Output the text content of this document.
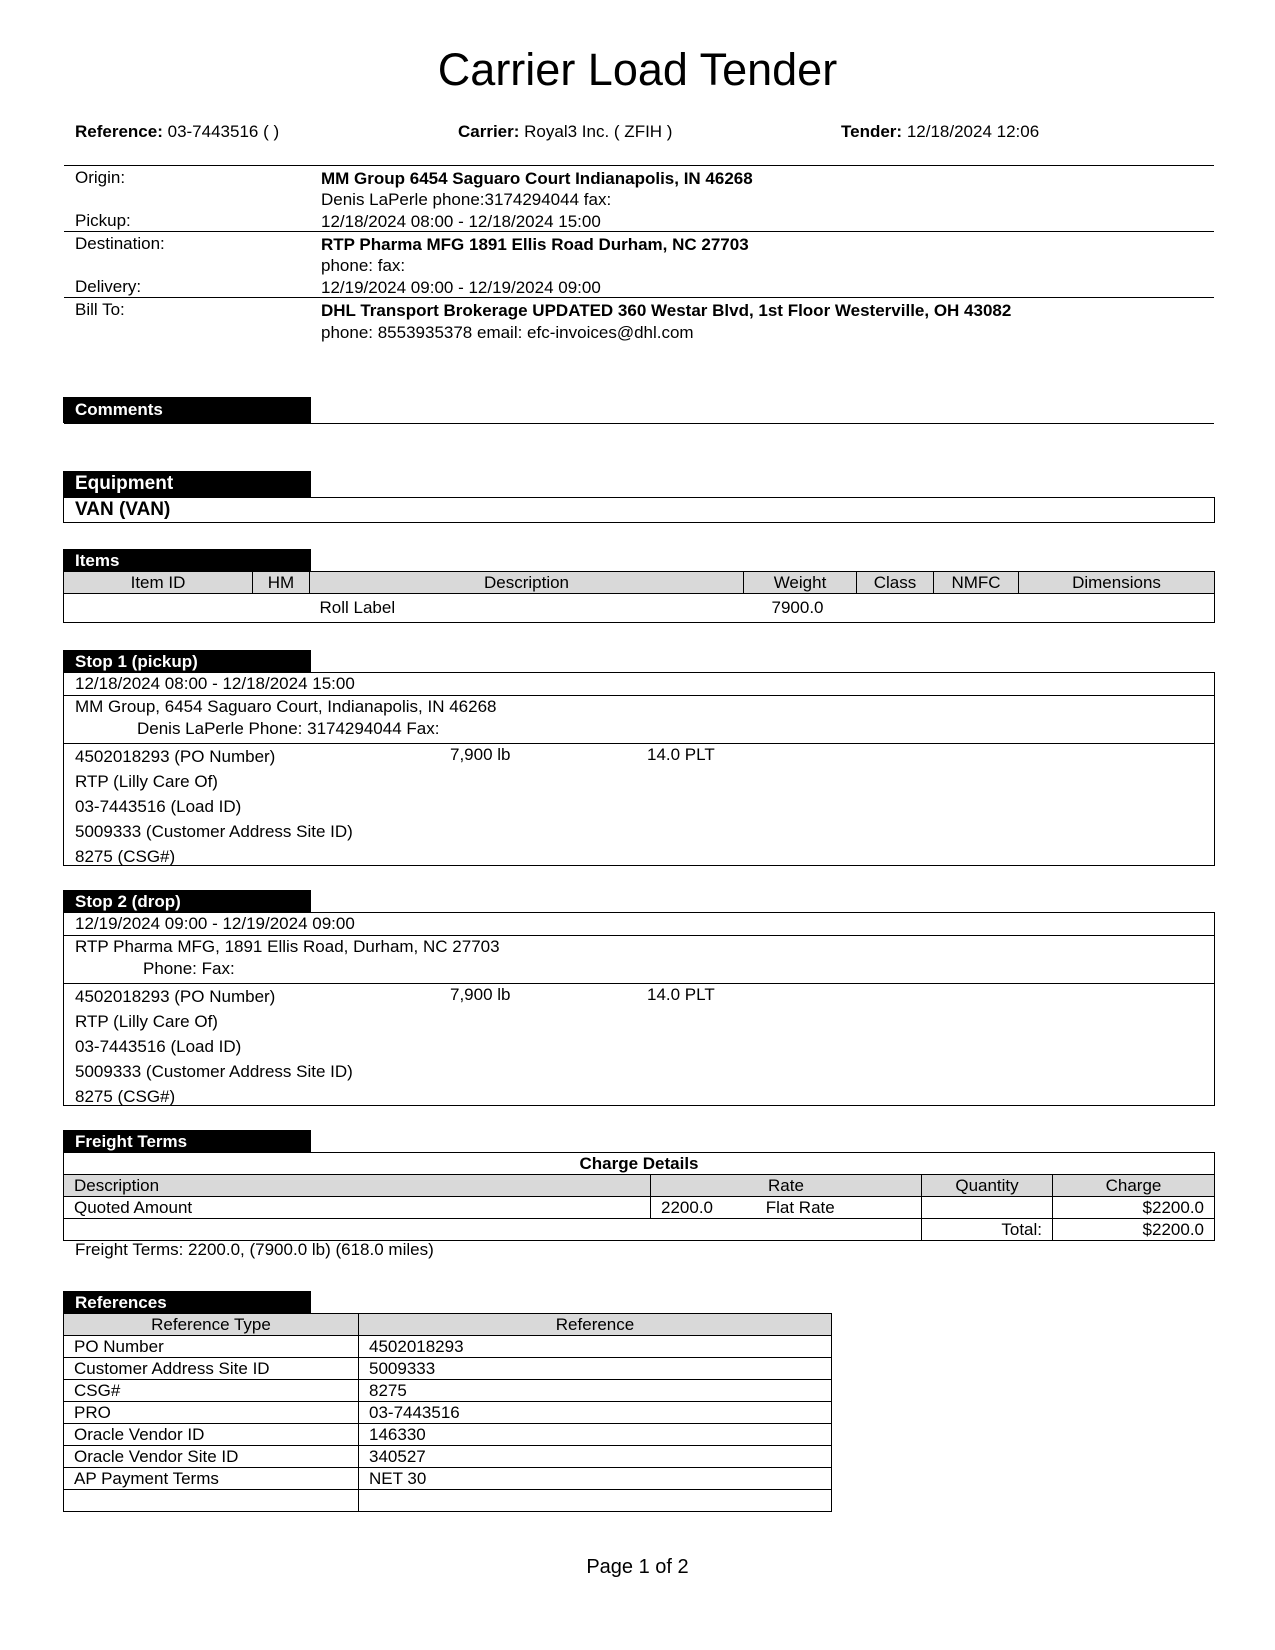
Carrier Load Tender
Reference: 03-7443516 ( )	Carrier: Royal3 Inc. ( ZFIH )	Tender: 12/18/2024 12:06
Origin:	MM Group 6454 Saguaro Court Indianapolis, IN 46268
Denis LaPerle phone:3174294044 fax:
Pickup:	12/18/2024 08:00 - 12/18/2024 15:00
Destination:	RTP Pharma MFG 1891 Ellis Road Durham, NC 27703
phone: fax:
Delivery:	12/19/2024 09:00 - 12/19/2024 09:00
Bill To:	DHL Transport Brokerage UPDATED 360 Westar Blvd, 1st Floor Westerville, OH 43082
phone: 8553935378 email: efc-invoices@dhl.com
Comments
Equipment
VAN (VAN)
Items
Item ID	HM	Description	Weight	Class	NMFC	Dimensions
		Roll Label	7900.0			
Stop 1 (pickup)
12/18/2024 08:00 - 12/18/2024 15:00
MM Group, 6454 Saguaro Court, Indianapolis, IN 46268
Denis LaPerle Phone: 3174294044 Fax:
4502018293 (PO Number)
RTP (Lilly Care Of)
03-7443516 (Load ID)
5009333 (Customer Address Site ID)
8275 (CSG#)
7,900 lb	14.0 PLT
Stop 2 (drop)
12/19/2024 09:00 - 12/19/2024 09:00
RTP Pharma MFG, 1891 Ellis Road, Durham, NC 27703
Phone: Fax:
4502018293 (PO Number)
RTP (Lilly Care Of)
03-7443516 (Load ID)
5009333 (Customer Address Site ID)
8275 (CSG#)
7,900 lb	14.0 PLT
Freight Terms
Charge Details			
Description	Rate	Quantity	Charge
Quoted Amount	2200.0 Flat Rate		$2200.0
		Total:	$2200.0
Freight Terms: 2200.0, (7900.0 lb) (618.0 miles)
References
Reference Type	Reference
PO Number	4502018293
Customer Address Site ID	5009333
CSG#	8275
PRO	03-7443516
Oracle Vendor ID	146330
Oracle Vendor Site ID	340527
AP Payment Terms	NET 30

Page 1 of 2
